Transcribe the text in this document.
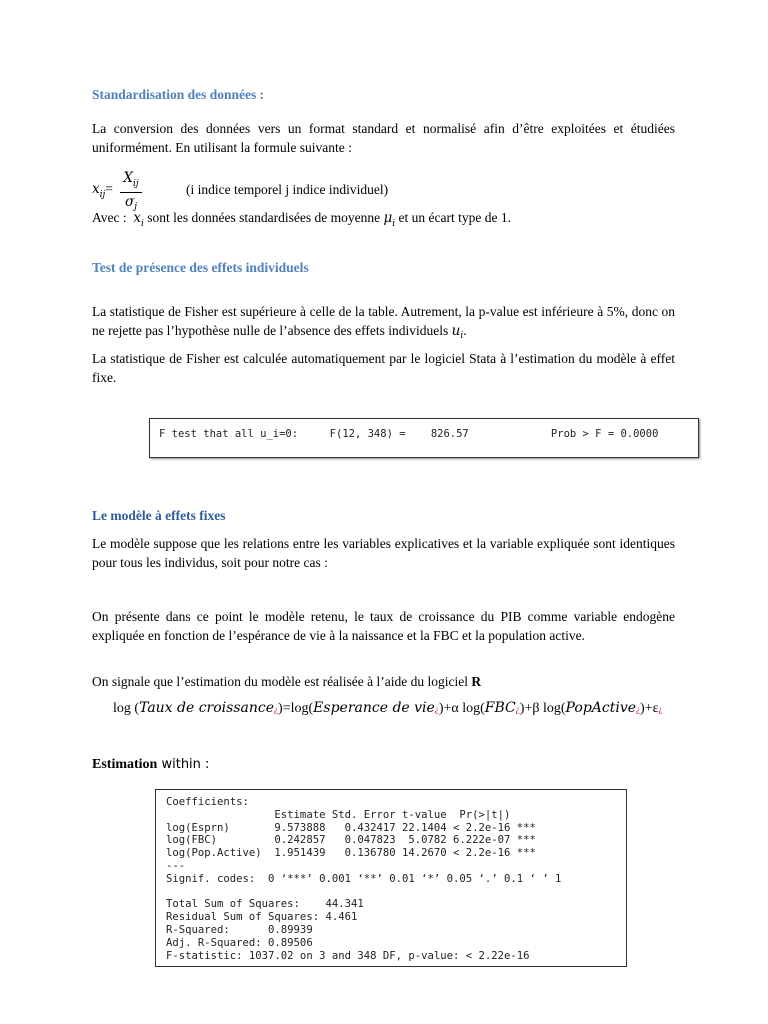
Standardisation des données :

La conversion des données vers un format standard et normalisé afin d’être exploitées et étudiées uniformément. En utilisant la formule suivante :

$x_{ij}=$
$X_{ij}$
$\sigma_j$
(i indice temporel j indice individuel)
Avec : $x_i$ sont les données standardisées de moyenne $\mu_i$ et un écart type de 1.
Test de présence des effets individuels

La statistique de Fisher est supérieure à celle de la table. Autrement, la p-value est inférieure à 5%, donc on ne rejette pas l’hypothèse nulle de l’absence des effets individuels $u_i$.

La statistique de Fisher est calculée automatiquement par le logiciel Stata à l’estimation du modèle à effet fixe.

F test that all u_i=0:     F(12, 348) =    826.57             Prob > F = 0.0000
Le modèle à effets fixes

Le modèle suppose que les relations entre les variables explicatives et la variable expliquée sont identiques pour tous les individus, soit pour notre cas :

On présente dans ce point le modèle retenu, le taux de croissance du PIB comme variable endogène expliquée en fonction de l’espérance de vie à la naissance et la FBC et la population active.

On signale que l’estimation du modèle est réalisée à l’aide du logiciel R

log (Taux de croissance¿)=log(Esperance de vie¿)+α log(FBC¿)+β log(PopActive¿)+ε¿
Estimation within :
Coefficients:
Estimate Std. Error t-value  Pr(>|t|)
log(Esprn)       9.573888   0.432417 22.1404 < 2.2e-16 ***
log(FBC)         0.242857   0.047823  5.0782 6.222e-07 ***
log(Pop.Active)  1.951439   0.136780 14.2670 < 2.2e-16 ***
---
Signif. codes:  0 ‘***’ 0.001 ‘**’ 0.01 ‘*’ 0.05 ‘.’ 0.1 ‘ ’ 1

Total Sum of Squares:    44.341
Residual Sum of Squares: 4.461
R-Squared:      0.89939
Adj. R-Squared: 0.89506
F-statistic: 1037.02 on 3 and 348 DF, p-value: < 2.22e-16
